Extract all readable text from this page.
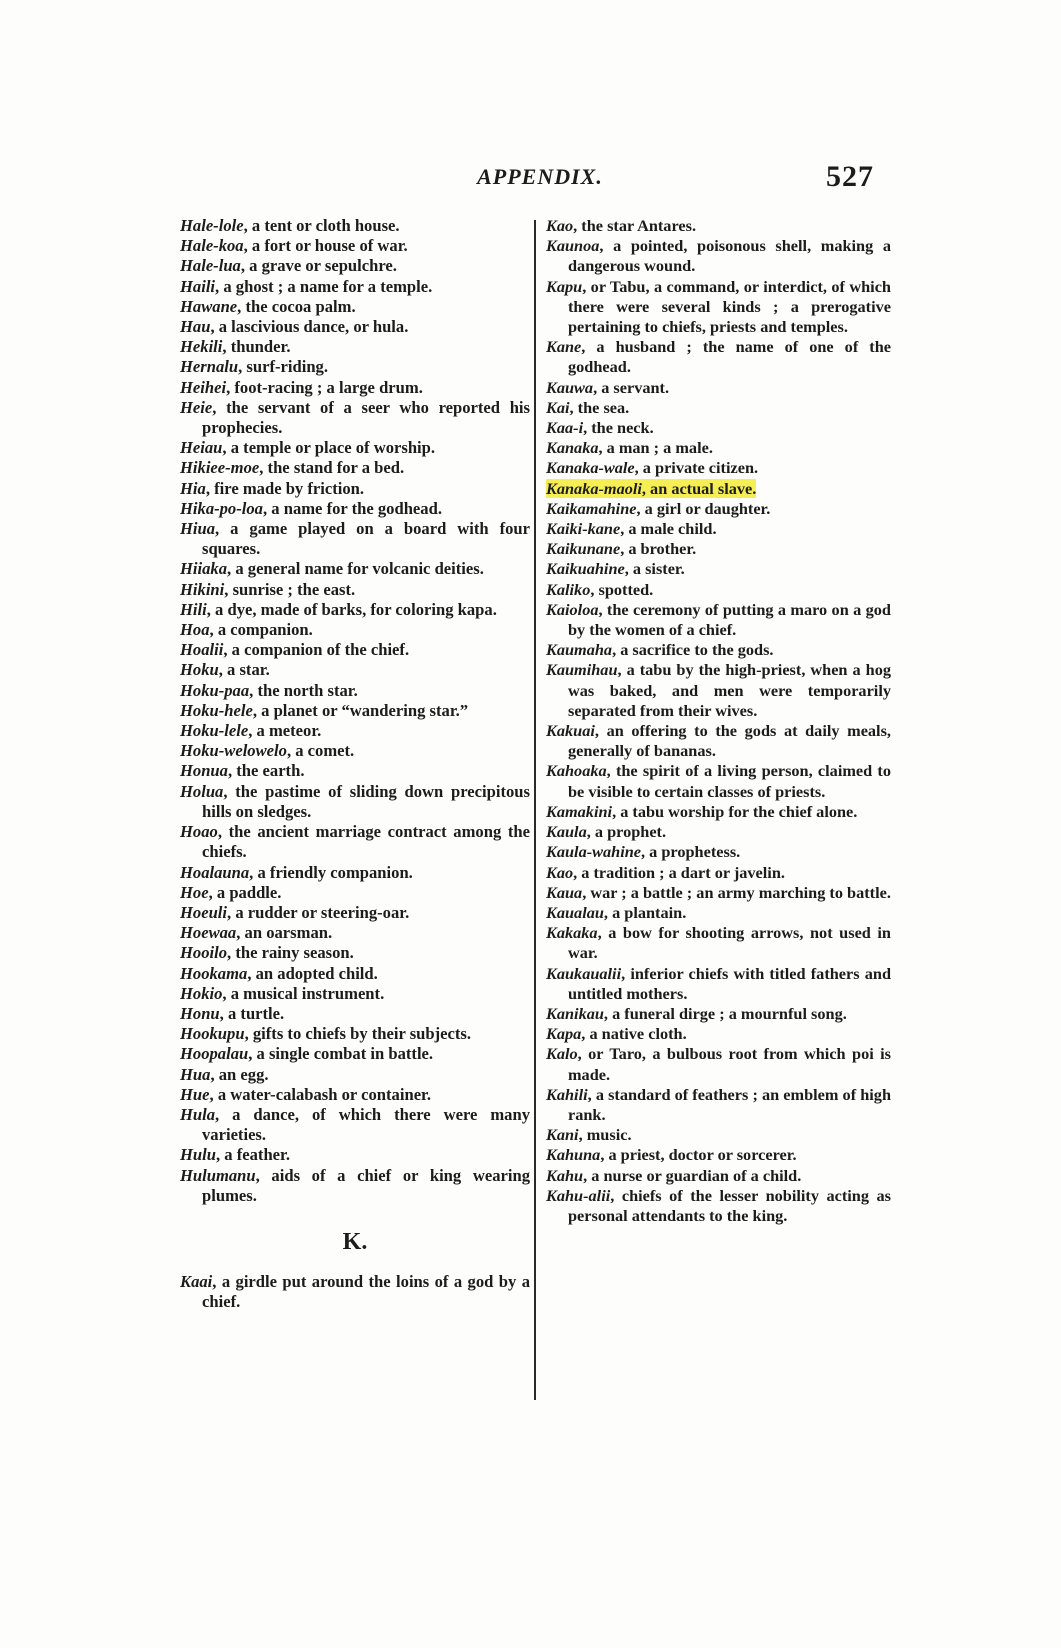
APPENDIX.	527

Hale-lole, a tent or cloth house.

Hale-koa, a fort or house of war.

Hale-lua, a grave or sepulchre.

Haili, a ghost ; a name for a temple.

Hawane, the cocoa palm.

Hau, a lascivious dance, or hula.

Hekili, thunder.

Hernalu, surf-riding.

Heihei, foot-racing ; a large drum.

Heie, the servant of a seer who reported his prophecies.

Heiau, a temple or place of worship.

Hikiee-moe, the stand for a bed.

Hia, fire made by friction.

Hika-po-loa, a name for the godhead.

Hiua, a game played on a board with four squares.

Hiiaka, a general name for volcanic deities.

Hikini, sunrise ; the east.

Hili, a dye, made of barks, for coloring kapa.

Hoa, a companion.

Hoalii, a companion of the chief.

Hoku, a star.

Hoku-paa, the north star.

Hoku-hele, a planet or “wandering star.”

Hoku-lele, a meteor.

Hoku-welowelo, a comet.

Honua, the earth.

Holua, the pastime of sliding down precipitous hills on sledges.

Hoao, the ancient marriage contract among the chiefs.

Hoalauna, a friendly companion.

Hoe, a paddle.

Hoeuli, a rudder or steering-oar.

Hoewaa, an oarsman.

Hooilo, the rainy season.

Hookama, an adopted child.

Hokio, a musical instrument.

Honu, a turtle.

Hookupu, gifts to chiefs by their subjects.

Hoopalau, a single combat in battle.

Hua, an egg.

Hue, a water-calabash or container.

Hula, a dance, of which there were many varieties.

Hulu, a feather.

Hulumanu, aids of a chief or king wearing plumes.

K.

Kaai, a girdle put around the loins of a god by a chief.

Kao, the star Antares.

Kaunoa, a pointed, poisonous shell, making a dangerous wound.

Kapu, or Tabu, a command, or interdict, of which there were several kinds ; a prerogative pertaining to chiefs, priests and temples.

Kane, a husband ; the name of one of the godhead.

Kauwa, a servant.

Kai, the sea.

Kaa-i, the neck.

Kanaka, a man ; a male.

Kanaka-wale, a private citizen.

Kanaka-maoli, an actual slave.

Kaikamahine, a girl or daughter.

Kaiki-kane, a male child.

Kaikunane, a brother.

Kaikuahine, a sister.

Kaliko, spotted.

Kaioloa, the ceremony of putting a maro on a god by the women of a chief.

Kaumaha, a sacrifice to the gods.

Kaumihau, a tabu by the high-priest, when a hog was baked, and men were temporarily separated from their wives.

Kakuai, an offering to the gods at daily meals, generally of bananas.

Kahoaka, the spirit of a living person, claimed to be visible to certain classes of priests.

Kamakini, a tabu worship for the chief alone.

Kaula, a prophet.

Kaula-wahine, a prophetess.

Kao, a tradition ; a dart or javelin.

Kaua, war ; a battle ; an army marching to battle.

Kaualau, a plantain.

Kakaka, a bow for shooting arrows, not used in war.

Kaukaualii, inferior chiefs with titled fathers and untitled mothers.

Kanikau, a funeral dirge ; a mournful song.

Kapa, a native cloth.

Kalo, or Taro, a bulbous root from which poi is made.

Kahili, a standard of feathers ; an emblem of high rank.

Kani, music.

Kahuna, a priest, doctor or sorcerer.

Kahu, a nurse or guardian of a child.

Kahu-alii, chiefs of the lesser nobility acting as personal attendants to the king.
